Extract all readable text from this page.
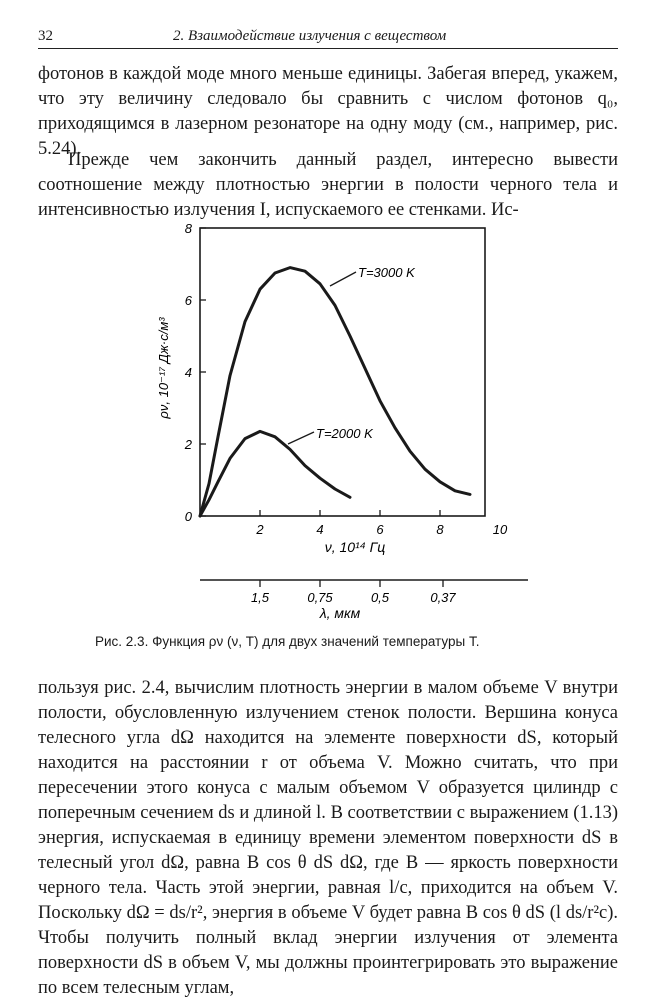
32	2. Взаимодействие излучения с веществом
фотонов в каждой моде много меньше единицы. Забегая вперед, укажем, что эту величину следовало бы сравнить с числом фотонов q₀, приходящимся в лазерном резонаторе на одну моду (см., например, рис. 5.24).
Прежде чем закончить данный раздел, интересно вывести соотношение между плотностью энергии в полости черного тела и интенсивностью излучения I, испускаемого ее стенками. Ис-
0
2
4
6
8
2	4	6	8	10
ρν, 10⁻¹⁷ Дж·с/м³
ν, 10¹⁴ Гц
T=3000 K
T=2000 K
1,5	0,75	0,5	0,37
λ, мкм
Рис. 2.3. Функция ρν (ν, T) для двух значений температуры T.
пользуя рис. 2.4, вычислим плотность энергии в малом объеме V внутри полости, обусловленную излучением стенок полости. Вершина конуса телесного угла dΩ находится на элементе поверхности dS, который находится на расстоянии r от объема V. Можно считать, что при пересечении этого конуса с малым объемом V образуется цилиндр с поперечным сечением ds и длиной l. В соответствии с выражением (1.13) энергия, испускаемая в единицу времени элементом поверхности dS в телесный угол dΩ, равна B cos θ dS dΩ, где B — яркость поверхности черного тела. Часть этой энергии, равная l/c, приходится на объем V. Поскольку dΩ = ds/r², энергия в объеме V будет равна B cos θ dS (l ds/r²c). Чтобы получить полный вклад энергии излучения от элемента поверхности dS в объем V, мы должны проинтегрировать это выражение по всем телесным углам,
